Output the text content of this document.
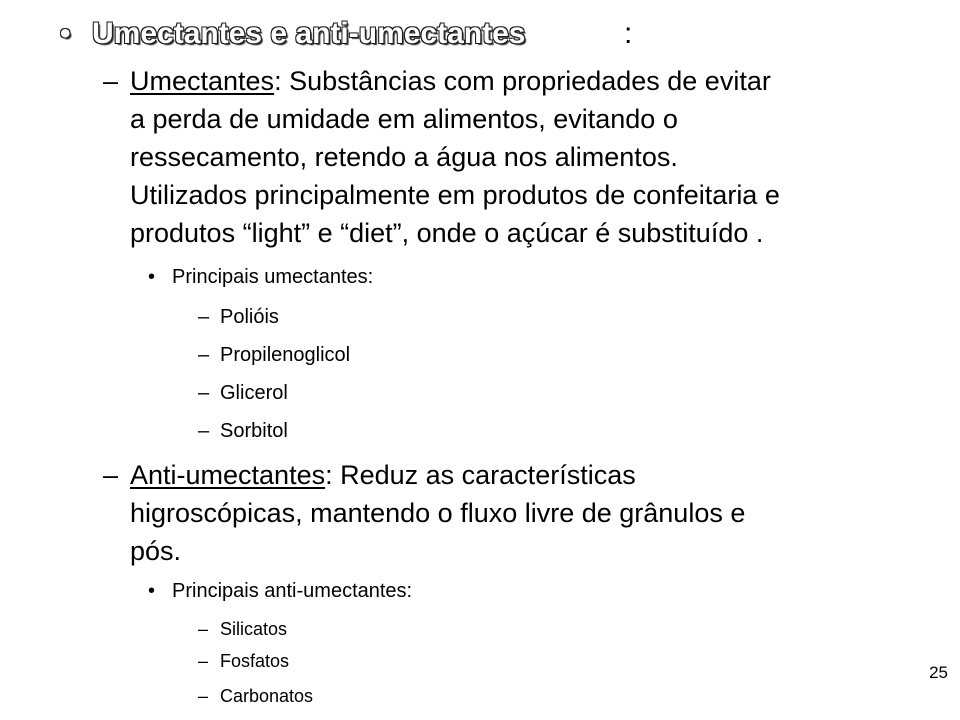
• Umectantes e anti-umectantes	:
– Umectantes: Substâncias com propriedades de evitar
a perda de umidade em alimentos, evitando o
ressecamento, retendo a água nos alimentos.
Utilizados principalmente em produtos de confeitaria e
produtos “light” e “diet”, onde o açúcar é substituído .
• Principais umectantes:
– Polióis
– Propilenoglicol
– Glicerol
– Sorbitol
– Anti-umectantes: Reduz as características
higroscópicas, mantendo o fluxo livre de grânulos e
pós.
• Principais anti-umectantes:
– Silicatos
– Fosfatos
– Carbonatos
25
